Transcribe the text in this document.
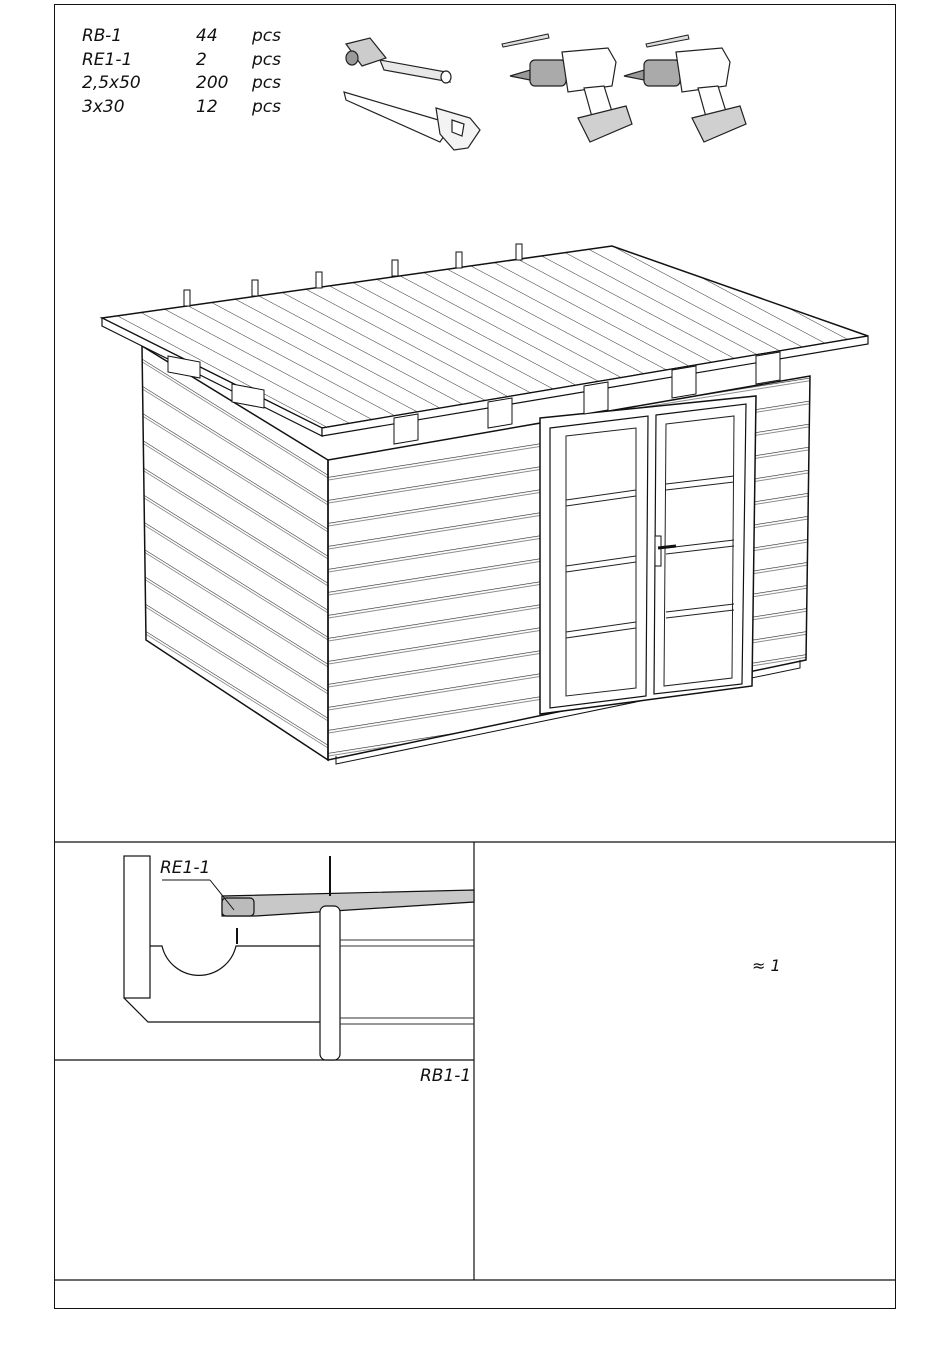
RB-1	44 pcs
RE1-1	2	pcs
2,5x50	200 pcs
3x30	12 pcs
RE1-1
RB1-1
≈ 1
